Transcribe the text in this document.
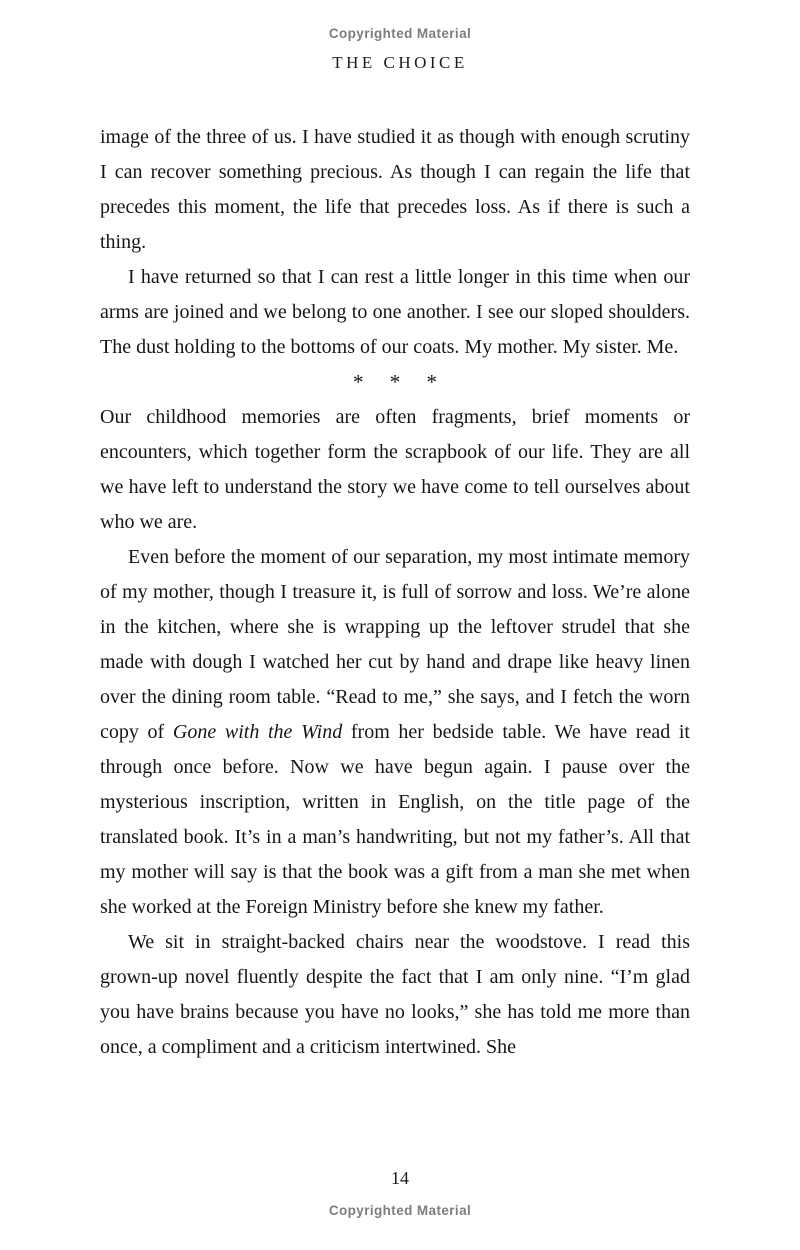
Copyrighted Material
THE CHOICE

image of the three of us. I have studied it as though with enough scrutiny I can recover something precious. As though I can regain the life that precedes this moment, the life that precedes loss. As if there is such a thing.

I have returned so that I can rest a little longer in this time when our arms are joined and we belong to one another. I see our sloped shoulders. The dust holding to the bottoms of our coats. My mother. My sister. Me.

* * *

Our childhood memories are often fragments, brief moments or encounters, which together form the scrapbook of our life. They are all we have left to understand the story we have come to tell ourselves about who we are.

Even before the moment of our separation, my most intimate memory of my mother, though I treasure it, is full of sorrow and loss. We’re alone in the kitchen, where she is wrapping up the leftover strudel that she made with dough I watched her cut by hand and drape like heavy linen over the dining room table. “Read to me,” she says, and I fetch the worn copy of Gone with the Wind from her bedside table. We have read it through once before. Now we have begun again. I pause over the mysterious inscription, written in English, on the title page of the translated book. It’s in a man’s handwriting, but not my father’s. All that my mother will say is that the book was a gift from a man she met when she worked at the Foreign Ministry before she knew my father.

We sit in straight-backed chairs near the woodstove. I read this grown-up novel fluently despite the fact that I am only nine. “I’m glad you have brains because you have no looks,” she has told me more than once, a compliment and a criticism intertwined. She

14
Copyrighted Material
